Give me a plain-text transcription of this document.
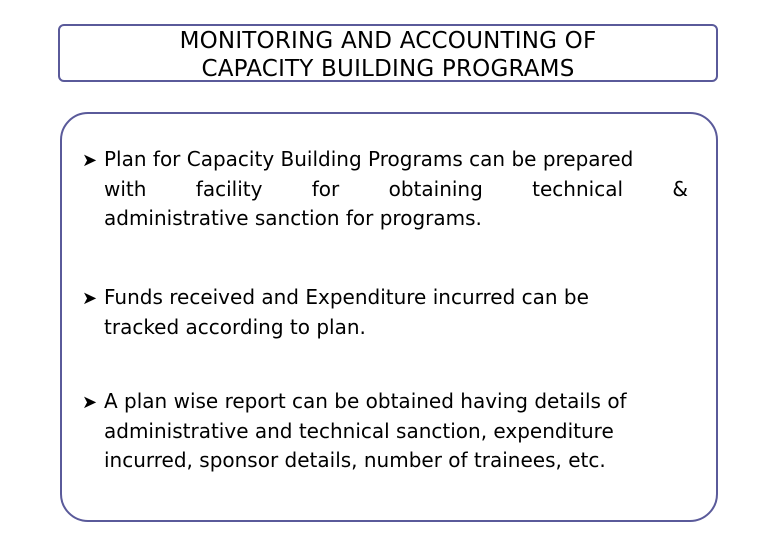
MONITORING AND ACCOUNTING OF
CAPACITY BUILDING PROGRAMS
➤ Plan for Capacity Building Programs can be prepared
with facility for obtaining technical &
administrative sanction for programs.
➤ Funds received and Expenditure incurred can be
tracked according to plan.
➤ A plan wise report can be obtained having details of
administrative and technical sanction, expenditure
incurred, sponsor details, number of trainees, etc.
